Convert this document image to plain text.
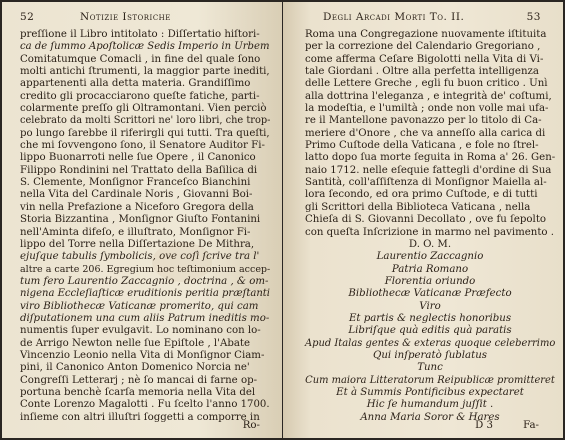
52	Notizie Istoriche
preſſione il Libro intitolato : Diſſertatio hiſtori-
ca de ſummo Apoſtolicæ Sedis Imperio in Urbem
Comitatumque Comacli , in fine del quale ſono
molti antichi ſtrumenti, la maggior parte inediti,
appartenenti alla detta materia. Grandiſſimo
credito gli procacciarono queſte fatiche, parti-
colarmente preſſo gli Oltramontani. Vien perciò
celebrato da molti Scrittori ne' loro libri, che trop-
po lungo ſarebbe il riferirgli qui tutti. Tra queſti,
che mi ſovvengono ſono, il Senatore Auditor Fi-
lippo Buonarroti nelle ſue Opere , il Canonico
Filippo Rondinini nel Trattato della Baſilica di
S. Clemente, Monſignor Franceſco Bianchini
nella Vita del Cardinale Noris , Giovanni Boi-
vin nella Prefazione a Niceforo Gregora della
Storia Bizzantina , Monſignor Giuſto Fontanini
nell'Aminta difeſo, e illuſtrato, Monſignor Fi-
lippo del Torre nella Diſſertazione De Mithra,
ejuſque tabulis ſymbolicis, ove coſì ſcrive tra l'
altre a carte 206. Egregium hoc teſtimonium accep-
tum fero Laurentio Zaccagnio , doctrina , & om-
nigena Eccleſiaſticæ eruditionis peritia præſtanti
viro Bibliothecæ Vaticanæ promerito, qui cam
diſputationem una cum aliis Patrum ineditis mo-
numentis ſuper evulgavit. Lo nominano con lo-
de Arrigo Newton nelle ſue Epiſtole , l'Abate
Vincenzio Leonio nella Vita di Monſignor Ciam-
pini, il Canonico Anton Domenico Norcia ne'
Congreſſi Letterarj ; nè ſo mancai di farne op-
portuna benchè ſcarſa memoria nella Vita del
Conte Lorenzo Magalotti . Fu ſcelto l'anno 1700.
inſieme con altri illuſtri ſoggetti a comporre in
Ro-
Degli Arcadi Morti To. II.	53
Roma una Congregazione nuovamente iſtituita
per la correzione del Calendario Gregoriano ,
come afferma Ceſare Bigolotti nella Vita di Vi-
tale Giordani . Oltre alla perfetta intelligenza
delle Lettere Greche , egli fu buon critico . Unì
alla dottrina l'eleganza , e integrità de' coſtumi,
la modeſtia, e l'umiltà ; onde non volle mai ufa-
re il Mantellone pavonazzo per lo titolo di Ca-
meriere d'Onore , che va anneſſo alla carica di
Primo Cuſtode della Vaticana , e fole no ſtrel-
latto dopo ſua morte ſeguita in Roma a' 26. Gen-
naio 1712. nelle eſequie fattegli d'ordine di Sua
Santità, coll'aſſiſtenza di Monſignor Maiella al-
lora ſecondo, ed ora primo Cuſtode, e di tutti
gli Scrittori della Biblioteca Vaticana , nella
Chieſa di S. Giovanni Decollato , ove fu ſepolto
con queſta Inſcrizione in marmo nel pavimento .
D. O. M.
Laurentio Zaccagnio
Patria Romano
Florentia oriundo
Bibliothecæ Vaticanæ Præfecto
Viro
Et partis & neglectis honoribus
Libriſque quà editis quà paratis
Apud Italas gentes & exteras quoque celeberrimo
Qui inſperatò ſublatus
Tunc
Cum maiora Litteratorum Reipublicæ promitteret
Et à Summis Pontificibus expectaret
Hic ſe humandum juſſit .
Anna Maria Soror & Hares
D 3	Fa-
